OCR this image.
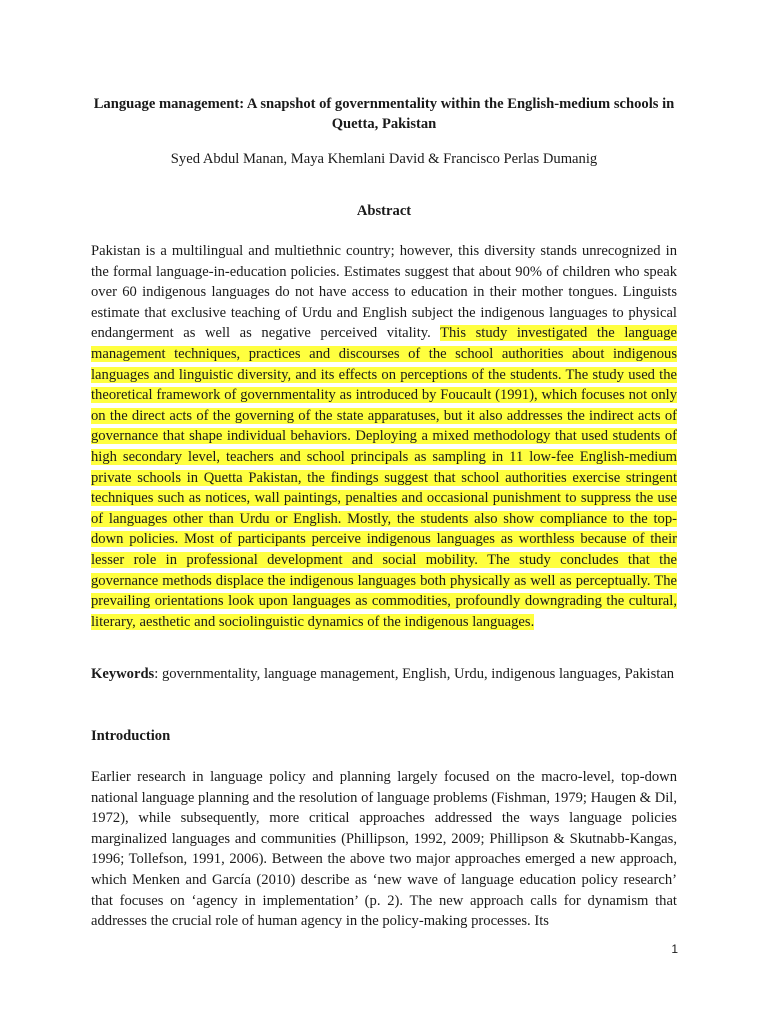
Language management: A snapshot of governmentality within the English-medium schools in Quetta, Pakistan
Syed Abdul Manan, Maya Khemlani David & Francisco Perlas Dumanig
Abstract

Pakistan is a multilingual and multiethnic country; however, this diversity stands unrecognized in the formal language-in-education policies. Estimates suggest that about 90% of children who speak over 60 indigenous languages do not have access to education in their mother tongues. Linguists estimate that exclusive teaching of Urdu and English subject the indigenous languages to physical endangerment as well as negative perceived vitality. This study investigated the language management techniques, practices and discourses of the school authorities about indigenous languages and linguistic diversity, and its effects on perceptions of the students. The study used the theoretical framework of governmentality as introduced by Foucault (1991), which focuses not only on the direct acts of the governing of the state apparatuses, but it also addresses the indirect acts of governance that shape individual behaviors. Deploying a mixed methodology that used students of high secondary level, teachers and school principals as sampling in 11 low-fee English-medium private schools in Quetta Pakistan, the findings suggest that school authorities exercise stringent techniques such as notices, wall paintings, penalties and occasional punishment to suppress the use of languages other than Urdu or English. Mostly, the students also show compliance to the top-down policies. Most of participants perceive indigenous languages as worthless because of their lesser role in professional development and social mobility. The study concludes that the governance methods displace the indigenous languages both physically as well as perceptually. The prevailing orientations look upon languages as commodities, profoundly downgrading the cultural, literary, aesthetic and sociolinguistic dynamics of the indigenous languages.

Keywords: governmentality, language management, English, Urdu, indigenous languages, Pakistan

Introduction

Earlier research in language policy and planning largely focused on the macro-level, top-down national language planning and the resolution of language problems (Fishman, 1979; Haugen & Dil, 1972), while subsequently, more critical approaches addressed the ways language policies marginalized languages and communities (Phillipson, 1992, 2009; Phillipson & Skutnabb-Kangas, 1996; Tollefson, 1991, 2006). Between the above two major approaches emerged a new approach, which Menken and García (2010) describe as ‘new wave of language education policy research’ that focuses on ‘agency in implementation’ (p. 2). The new approach calls for dynamism that addresses the crucial role of human agency in the policy-making processes. Its

1
